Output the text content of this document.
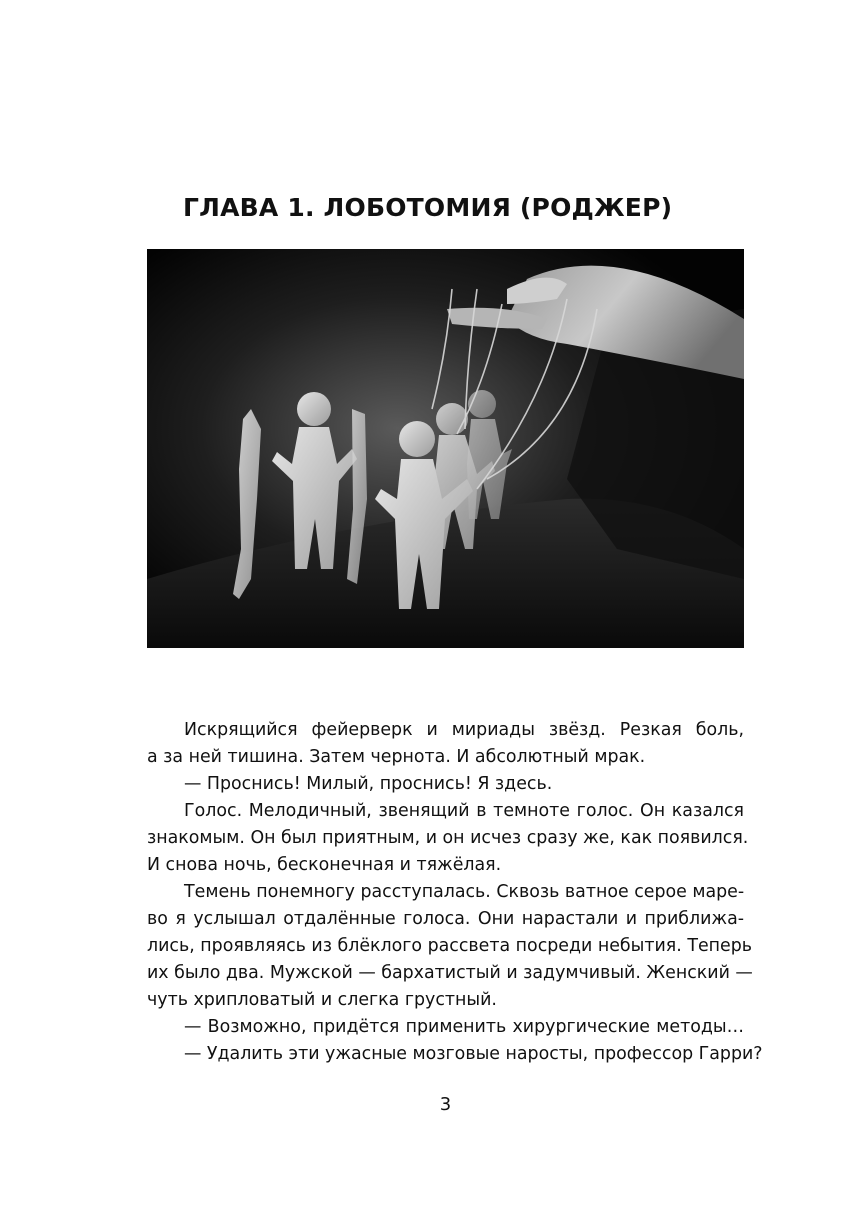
ГЛАВА 1. ЛОБОТОМИЯ (РОДЖЕР)
Искрящийся фейерверк и мириады звёзд. Резкая боль,
а за ней тишина. Затем чернота. И абсолютный мрак.
— Проснись! Милый, проснись! Я здесь.
Голос. Мелодичный, звенящий в темноте голос. Он казался
знакомым. Он был приятным, и он исчез сразу же, как появился.
И снова ночь, бесконечная и тяжёлая.
Темень понемногу расступалась. Сквозь ватное серое маре-
во я услышал отдалённые голоса. Они нарастали и приближа-
лись, проявляясь из блёклого рассвета посреди небытия. Теперь
их было два. Мужской — бархатистый и задумчивый. Женский —
чуть хрипловатый и слегка грустный.
— Возможно, придётся применить хирургические методы…
— Удалить эти ужасные мозговые наросты, профессор Гарри?
3
